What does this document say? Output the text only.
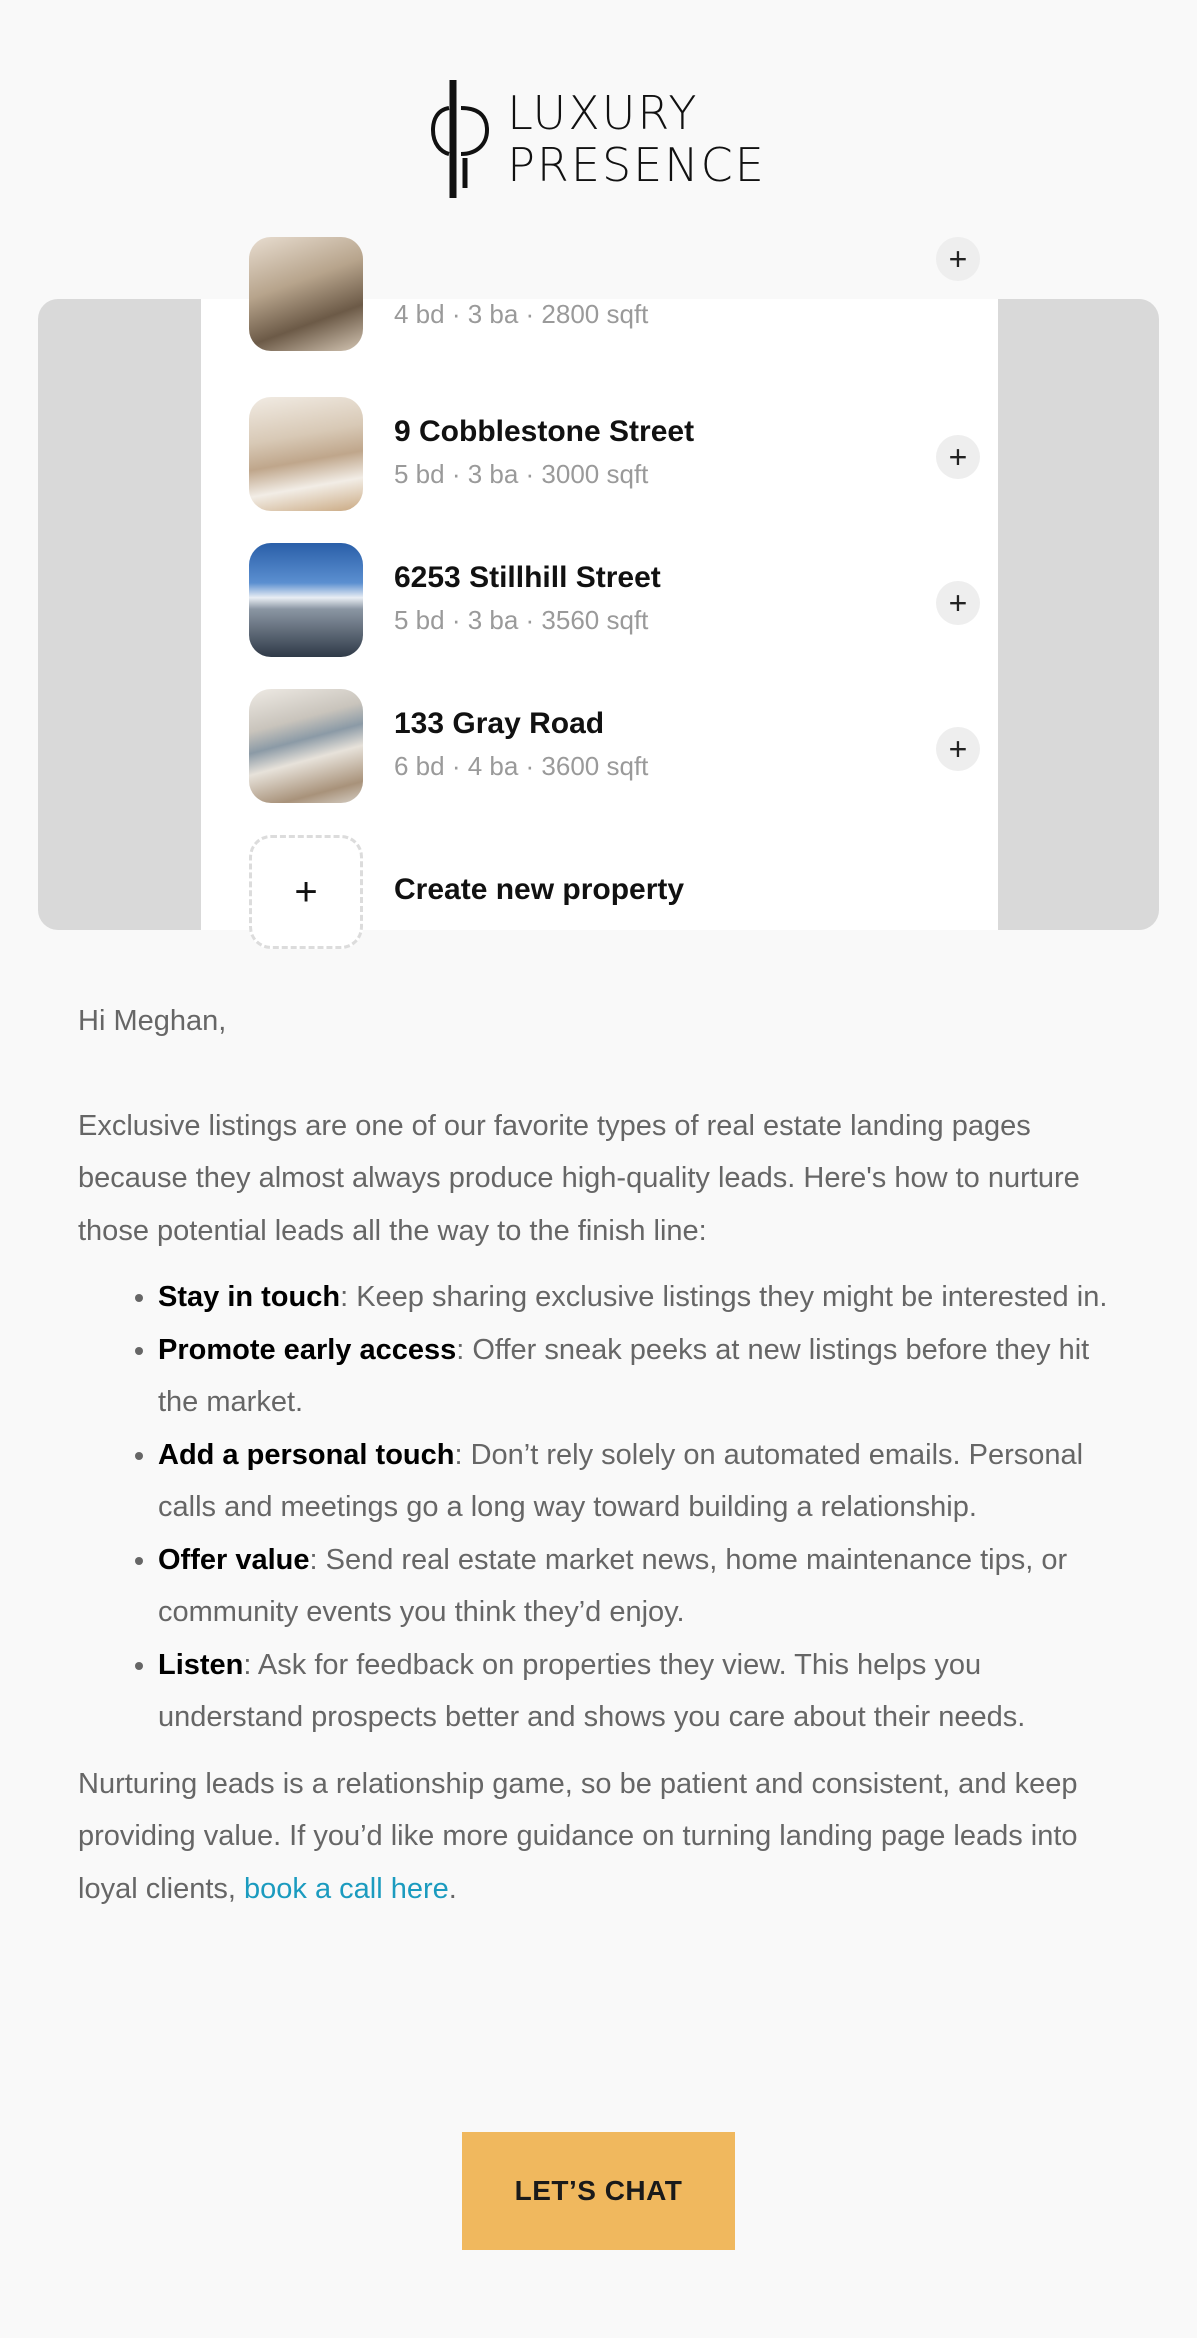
LUXURY
PRESENCE
4 bd · 3 ba · 2800 sqft
+
9 Cobblestone Street
5 bd · 3 ba · 3000 sqft	+
6253 Stillhill Street
5 bd · 3 ba · 3560 sqft	+
133 Gray Road
6 bd · 4 ba · 3600 sqft	+
+	Create new property

Hi Meghan,

Exclusive listings are one of our favorite types of real estate landing pages because they almost always produce high-quality leads. Here's how to nurture those potential leads all the way to the finish line:

• Stay in touch: Keep sharing exclusive listings they might be interested in.
• Promote early access: Offer sneak peeks at new listings before they hit the market.
• Add a personal touch: Don’t rely solely on automated emails. Personal calls and meetings go a long way toward building a relationship.
• Offer value: Send real estate market news, home maintenance tips, or community events you think they’d enjoy.
• Listen: Ask for feedback on properties they view. This helps you understand prospects better and shows you care about their needs.

Nurturing leads is a relationship game, so be patient and consistent, and keep providing value. If you’d like more guidance on turning landing page leads into loyal clients, book a call here.

LET’S CHAT
